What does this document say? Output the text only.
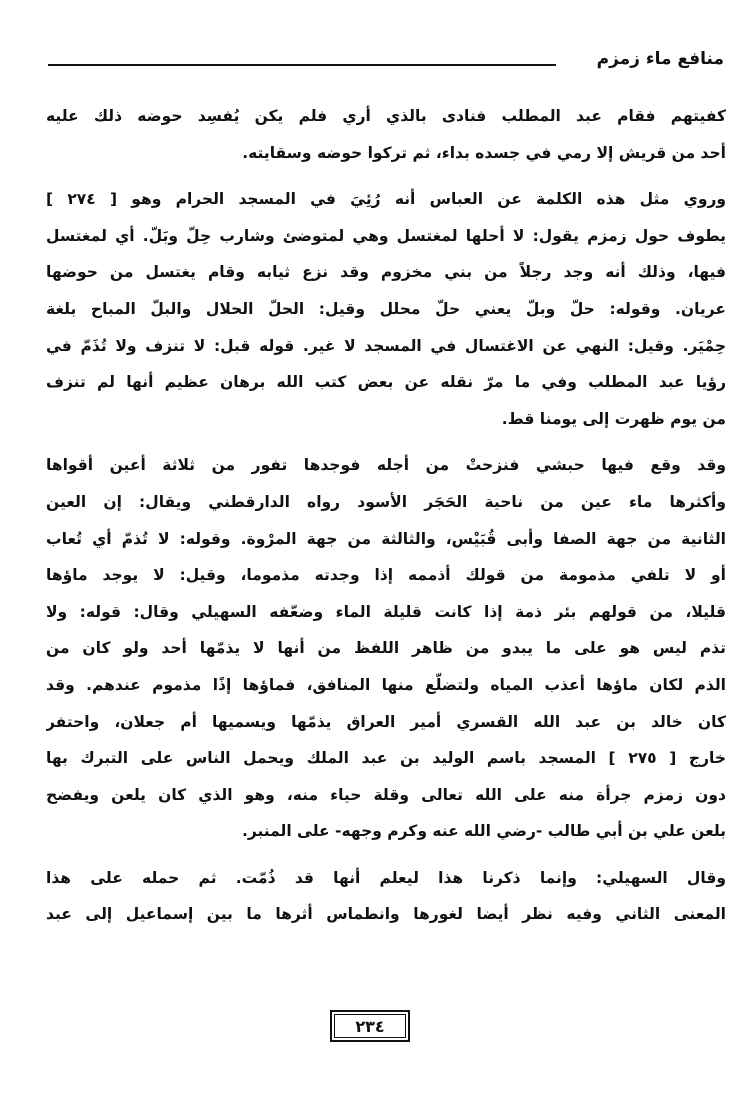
منافع ماء زمزم
كفيتهم فقام عبد المطلب فنادى بالذي أري فلم يكن يُفسِد حوضه ذلك عليه
أحد من قريش إلا رمي في جسده بداء، ثم تركوا حوضه وسقايته.
وروي مثل هذه الكلمة عن العباس أنه رُئِيَ في المسجد الحرام وهو [ ٢٧٤ ]
يطوف حول زمزم يقول: لا أحلها لمغتسل وهي لمتوضئ وشارب حِلّ وبَلّ. أي لمغتسل
فيها، وذلك أنه وجد رجلاً من بني مخزوم وقد نزع ثيابه وقام يغتسل من حوضها
عريان. وقوله: حلّ وبلّ يعني حلّ محلل وقيل: الحلّ الحلال والبلّ المباح بلغة
حِمْيَر. وقيل: النهي عن الاغتسال في المسجد لا غير. قوله قبل: لا تنزف ولا تُذَمّ في
رؤيا عبد المطلب وفي ما مرّ نقله عن بعض كتب الله برهان عظيم أنها لم تنزف
من يوم ظهرت إلى يومنا قط.
وقد وقع فيها حبشي فنزحتْ من أجله فوجدها تفور من ثلاثة أعين أقواها
وأكثرها ماء عين من ناحية الحَجَر الأسود رواه الدارقطني ويقال: إن العين
الثانية من جهة الصفا وأبى قُبَيْس، والثالثة من جهة المرْوة. وقوله: لا تُذمّ أي تُعاب
أو لا تلفي مذمومة من قولك أذممه إذا وجدته مذموما، وقيل: لا يوجد ماؤها
قليلا، من قولهم بئر ذمة إذا كانت قليلة الماء وضعّفه السهيلي وقال: قوله: ولا
تذم ليس هو على ما يبدو من ظاهر اللفظ من أنها لا يذمّها أحد ولو كان من
الذم لكان ماؤها أعذب المياه ولتضلّع منها المنافق، فماؤها إذًا مذموم عندهم. وقد
كان خالد بن عبد الله القسري أمير العراق يذمّها ويسميها أم جعلان، واحتفر
خارج [ ٢٧٥ ] المسجد باسم الوليد بن عبد الملك ويحمل الناس على التبرك بها
دون زمزم جرأة منه على الله تعالى وقلة حياء منه، وهو الذي كان يلعن ويفضح
بلعن علي بن أبي طالب -رضي الله عنه وكرم وجهه- على المنبر.
وقال السهيلي: وإنما ذكرنا هذا ليعلم أنها قد ذُمّت. ثم حمله على هذا
المعنى الثاني وفيه نظر أيضا لغورها وانطماس أثرها ما بين إسماعيل إلى عبد
٢٣٤
